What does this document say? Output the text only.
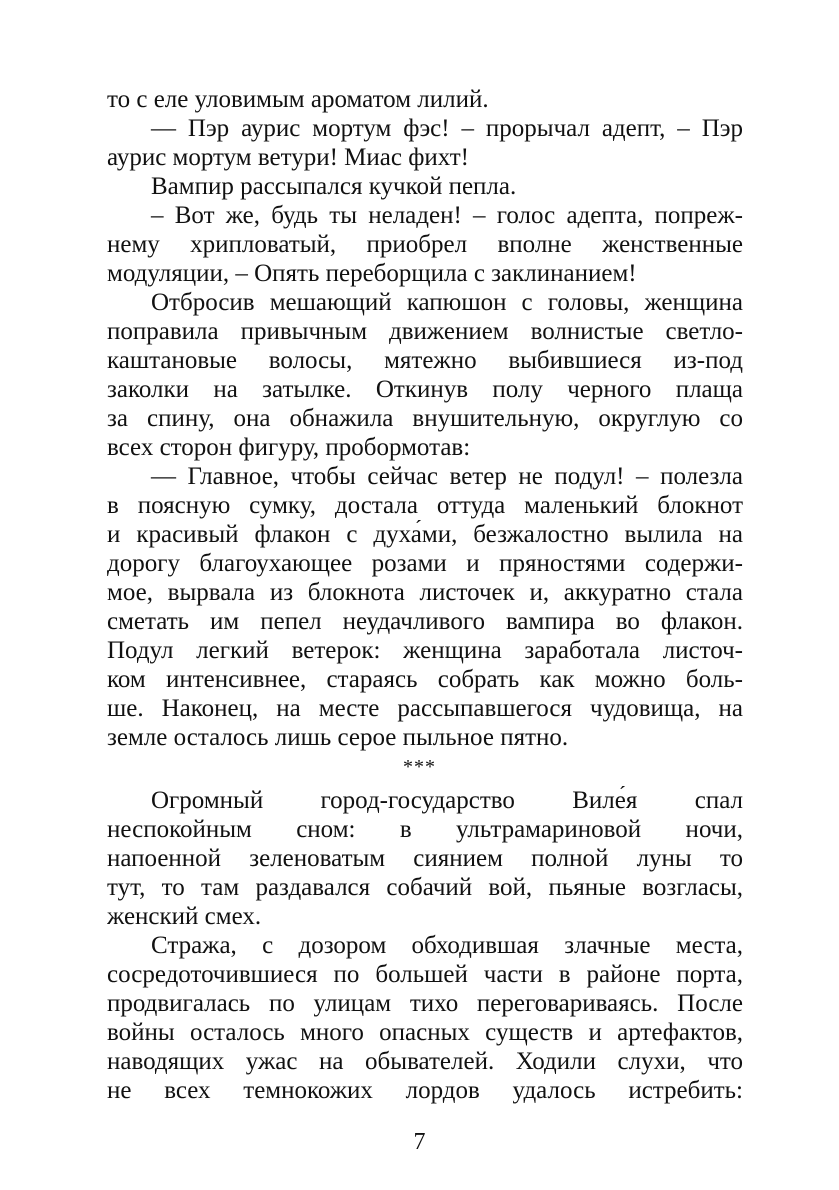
то с еле уловимым ароматом лилий.
— Пэр аурис мортум фэс! – прорычал адепт, – Пэр
аурис мортум ветури! Миас фихт!
Вампир рассыпался кучкой пепла.
– Вот же, будь ты неладен! – голос адепта, попреж-
нему хрипловатый, приобрел вполне женственные
модуляции, – Опять переборщила с заклинанием!
Отбросив мешающий капюшон с головы, женщина
поправила привычным движением волнистые светло-
каштановые волосы, мятежно выбившиеся из-под
заколки на затылке. Откинув полу черного плаща
за спину, она обнажила внушительную, округлую со
всех сторон фигуру, пробормотав:
— Главное, чтобы сейчас ветер не подул! – полезла
в поясную сумку, достала оттуда маленький блокнот
и красивый флакон с духа́ми, безжалостно вылила на
дорогу благоухающее розами и пряностями содержи-
мое, вырвала из блокнота листочек и, аккуратно стала
сметать им пепел неудачливого вампира во флакон.
Подул легкий ветерок: женщина заработала листоч-
ком интенсивнее, стараясь собрать как можно боль-
ше. Наконец, на месте рассыпавшегося чудовища, на
земле осталось лишь серое пыльное пятно.
***
Огромный город-государство Виле́я спал
неспокойным сном: в ультрамариновой ночи,
напоенной зеленоватым сиянием полной луны то
тут, то там раздавался собачий вой, пьяные возгласы,
женский смех.
Стража, с дозором обходившая злачные места,
сосредоточившиеся по большей части в районе порта,
продвигалась по улицам тихо переговариваясь. После
войны осталось много опасных существ и артефактов,
наводящих ужас на обывателей. Ходили слухи, что
не всех темнокожих лордов удалось истребить:
7
